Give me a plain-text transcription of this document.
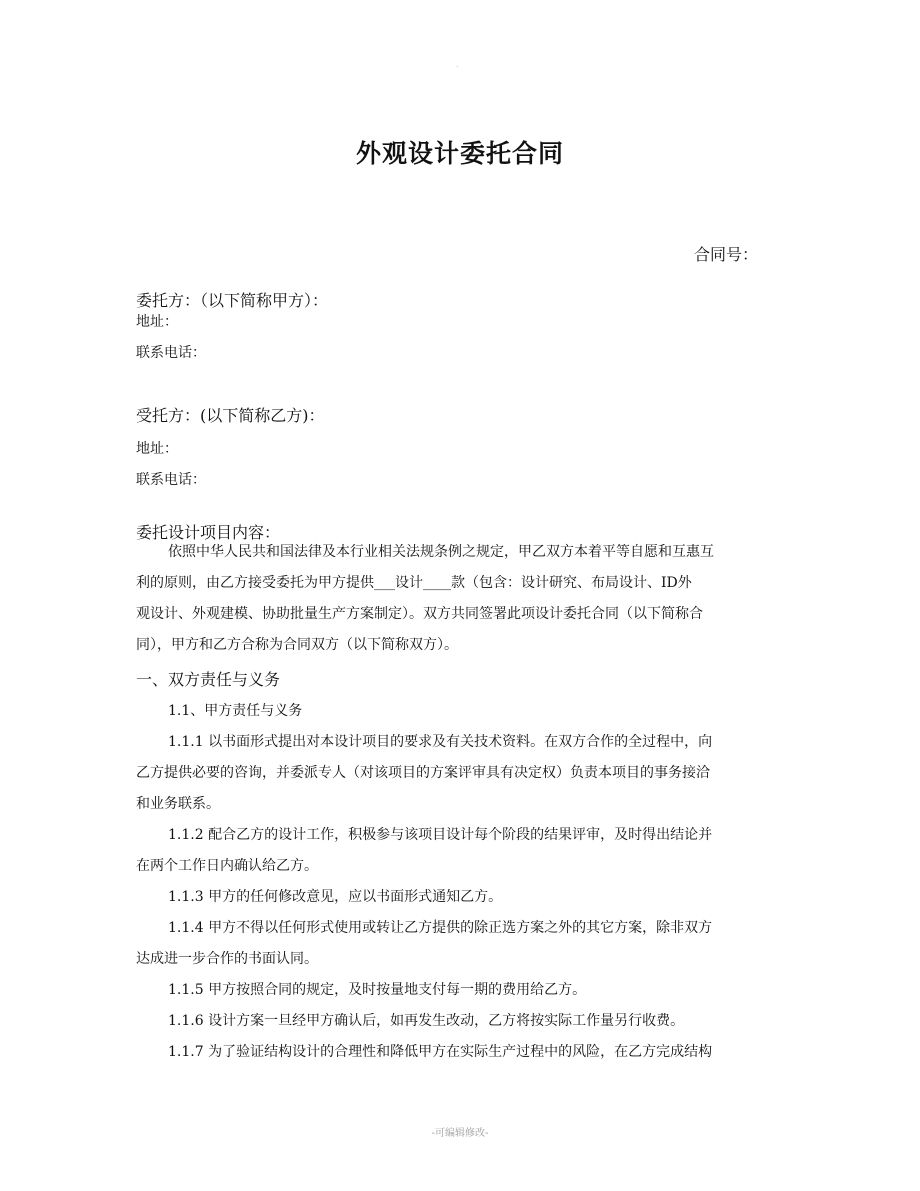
.
外观设计委托合同
合同号：
委托方：（以下简称甲方）：
地址：
联系电话：
受托方：(以下简称乙方)：
地址：
联系电话：
委托设计项目内容：
依照中华人民共和国法律及本行业相关法规条例之规定，甲乙双方本着平等自愿和互惠互
利的原则，由乙方接受委托为甲方提供___设计____款（包含：设计研究、布局设计、ID外
观设计、外观建模、协助批量生产方案制定）。双方共同签署此项设计委托合同（以下简称合
同），甲方和乙方合称为合同双方（以下简称双方）。
一、双方责任与义务
1.1、甲方责任与义务
1.1.1 以书面形式提出对本设计项目的要求及有关技术资料。在双方合作的全过程中，向
乙方提供必要的咨询，并委派专人（对该项目的方案评审具有决定权）负责本项目的事务接洽
和业务联系。
1.1.2 配合乙方的设计工作，积极参与该项目设计每个阶段的结果评审，及时得出结论并
在两个工作日内确认给乙方。
1.1.3 甲方的任何修改意见，应以书面形式通知乙方。
1.1.4 甲方不得以任何形式使用或转让乙方提供的除正选方案之外的其它方案，除非双方
达成进一步合作的书面认同。
1.1.5 甲方按照合同的规定，及时按量地支付每一期的费用给乙方。
1.1.6 设计方案一旦经甲方确认后，如再发生改动，乙方将按实际工作量另行收费。
1.1.7 为了验证结构设计的合理性和降低甲方在实际生产过程中的风险，在乙方完成结构
-可编辑修改-
